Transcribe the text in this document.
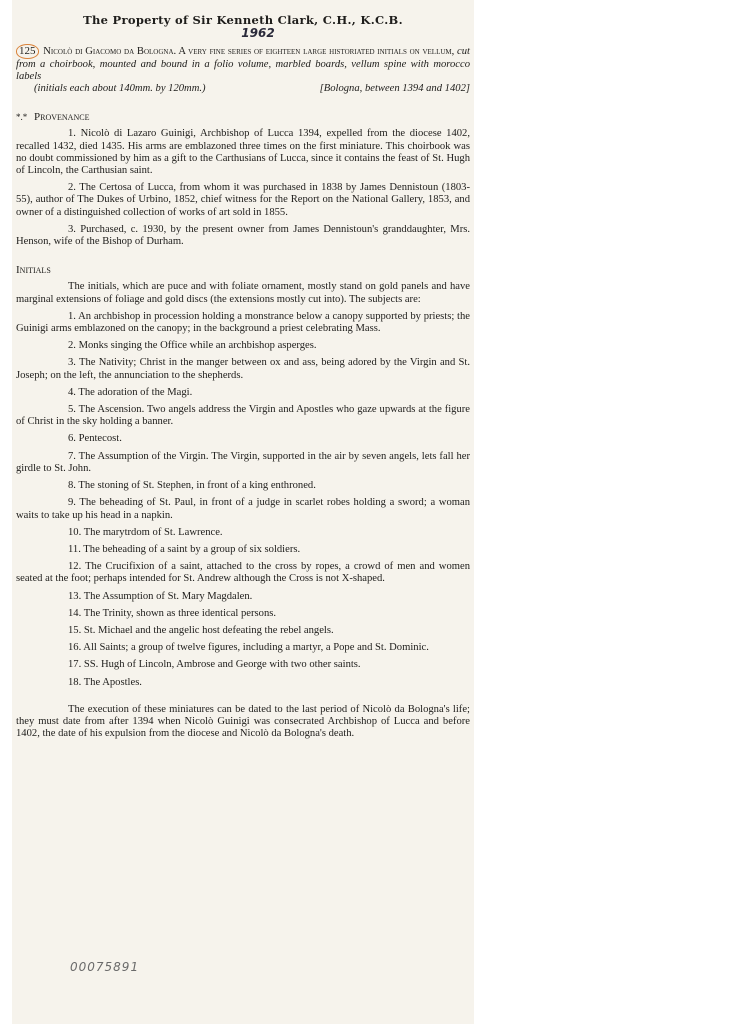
The Property of Sir Kenneth Clark, C.H., K.C.B.
1962
125 Nicolò di Giacomo da Bologna. A very fine series of eighteen large historiated initials on vellum, cut from a choirbook, mounted and bound in a folio volume, marbled boards, vellum spine with morocco labels
(initials each about 140mm. by 120mm.)	[Bologna, between 1394 and 1402]
*.* Provenance

1. Nicolò di Lazaro Guinigi, Archbishop of Lucca 1394, expelled from the diocese 1402, recalled 1432, died 1435. His arms are emblazoned three times on the first miniature. This choirbook was no doubt commissioned by him as a gift to the Carthusians of Lucca, since it contains the feast of St. Hugh of Lincoln, the Carthusian saint.

2. The Certosa of Lucca, from whom it was purchased in 1838 by James Dennistoun (1803-55), author of The Dukes of Urbino, 1852, chief witness for the Report on the National Gallery, 1853, and owner of a distinguished collection of works of art sold in 1855.

3. Purchased, c. 1930, by the present owner from James Dennistoun's granddaughter, Mrs. Henson, wife of the Bishop of Durham.

Initials

The initials, which are puce and with foliate ornament, mostly stand on gold panels and have marginal extensions of foliage and gold discs (the extensions mostly cut into). The subjects are:

1. An archbishop in procession holding a monstrance below a canopy supported by priests; the Guinigi arms emblazoned on the canopy; in the background a priest celebrating Mass.
2. Monks singing the Office while an archbishop asperges.
3. The Nativity; Christ in the manger between ox and ass, being adored by the Virgin and St. Joseph; on the left, the annunciation to the shepherds.
4. The adoration of the Magi.
5. The Ascension. Two angels address the Virgin and Apostles who gaze upwards at the figure of Christ in the sky holding a banner.
6. Pentecost.
7. The Assumption of the Virgin. The Virgin, supported in the air by seven angels, lets fall her girdle to St. John.
8. The stoning of St. Stephen, in front of a king enthroned.
9. The beheading of St. Paul, in front of a judge in scarlet robes holding a sword; a woman waits to take up his head in a napkin.
10. The marytrdom of St. Lawrence.
11. The beheading of a saint by a group of six soldiers.
12. The Crucifixion of a saint, attached to the cross by ropes, a crowd of men and women seated at the foot; perhaps intended for St. Andrew although the Cross is not X-shaped.
13. The Assumption of St. Mary Magdalen.
14. The Trinity, shown as three identical persons.
15. St. Michael and the angelic host defeating the rebel angels.
16. All Saints; a group of twelve figures, including a martyr, a Pope and St. Dominic.
17. SS. Hugh of Lincoln, Ambrose and George with two other saints.
18. The Apostles.

The execution of these miniatures can be dated to the last period of Nicolò da Bologna's life; they must date from after 1394 when Nicolò Guinigi was consecrated Archbishop of Lucca and before 1402, the date of his expulsion from the diocese and Nicolò da Bologna's death.

00075891
